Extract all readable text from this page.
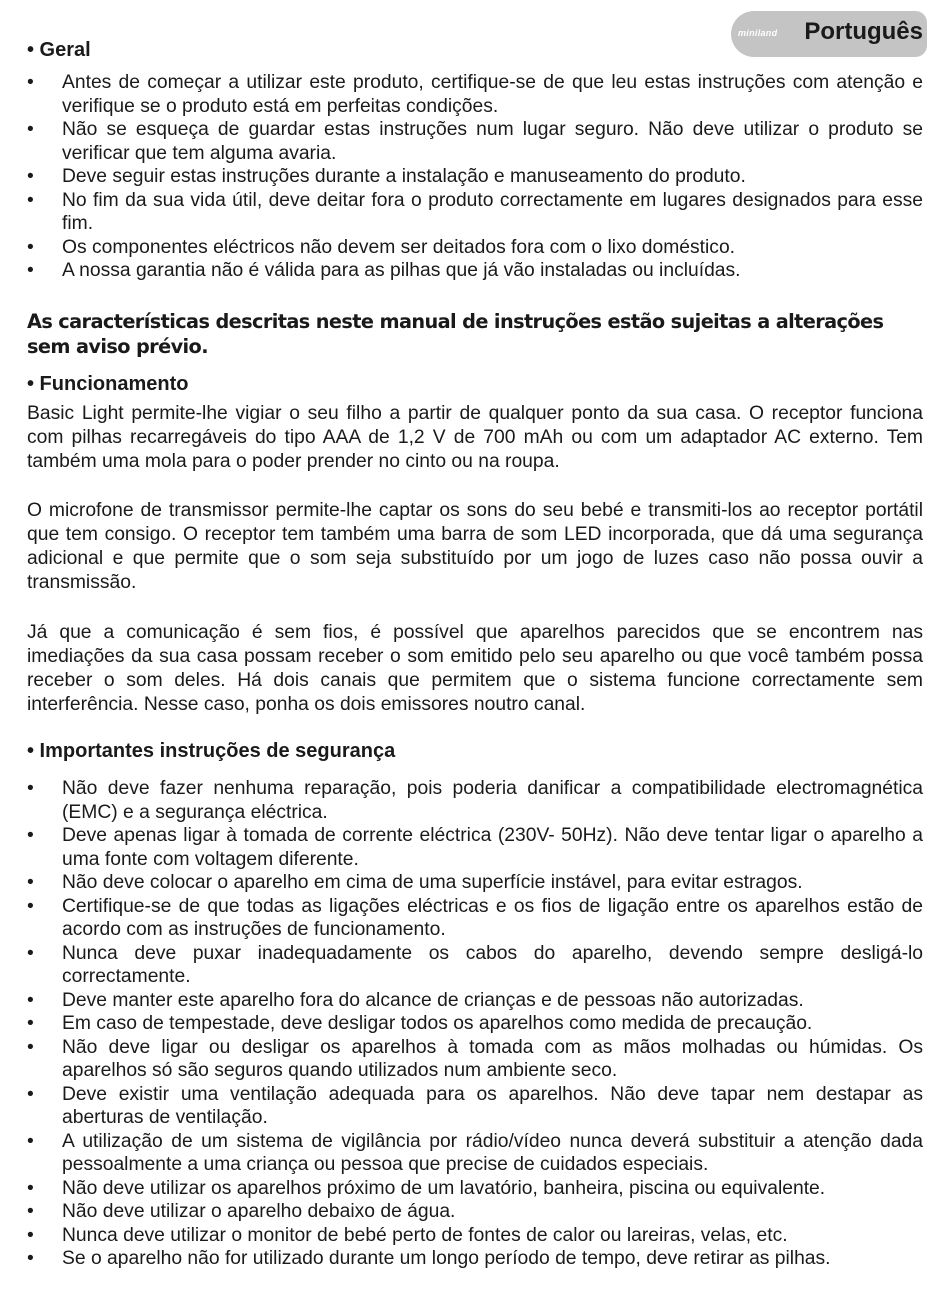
miniland Português
• Geral
• Antes de começar a utilizar este produto, certifique-se de que leu estas instruções com atenção e verifique se o produto está em perfeitas condições.
• Não se esqueça de guardar estas instruções num lugar seguro. Não deve utilizar o produto se verificar que tem alguma avaria.
• Deve seguir estas instruções durante a instalação e manuseamento do produto.
• No fim da sua vida útil, deve deitar fora o produto correctamente em lugares designados para esse fim.
• Os componentes eléctricos não devem ser deitados fora com o lixo doméstico.
• A nossa garantia não é válida para as pilhas que já vão instaladas ou incluídas.

As características descritas neste manual de instruções estão sujeitas a alterações sem aviso prévio.

• Funcionamento

Basic Light permite-lhe vigiar o seu filho a partir de qualquer ponto da sua casa. O receptor funciona com pilhas recarregáveis do tipo AAA de 1,2 V de 700 mAh ou com um adaptador AC externo. Tem também uma mola para o poder prender no cinto ou na roupa.

O microfone de transmissor permite-lhe captar os sons do seu bebé e transmiti-los ao receptor portátil que tem consigo. O receptor tem também uma barra de som LED incorporada, que dá uma segurança adicional e que permite que o som seja substituído por um jogo de luzes caso não possa ouvir a transmissão.

Já que a comunicação é sem fios, é possível que aparelhos parecidos que se encontrem nas imediações da sua casa possam receber o som emitido pelo seu aparelho ou que você também possa receber o som deles. Há dois canais que permitem que o sistema funcione correctamente sem interferência. Nesse caso, ponha os dois emissores noutro canal.

• Importantes instruções de segurança
• Não deve fazer nenhuma reparação, pois poderia danificar a compatibilidade electromagnética (EMC) e a segurança eléctrica.
• Deve apenas ligar à tomada de corrente eléctrica (230V- 50Hz). Não deve tentar ligar o aparelho a uma fonte com voltagem diferente.
• Não deve colocar o aparelho em cima de uma superfície instável, para evitar estragos.
• Certifique-se de que todas as ligações eléctricas e os fios de ligação entre os aparelhos estão de acordo com as instruções de funcionamento.
• Nunca deve puxar inadequadamente os cabos do aparelho, devendo sempre desligá-lo correctamente.
• Deve manter este aparelho fora do alcance de crianças e de pessoas não autorizadas.
• Em caso de tempestade, deve desligar todos os aparelhos como medida de precaução.
• Não deve ligar ou desligar os aparelhos à tomada com as mãos molhadas ou húmidas. Os aparelhos só são seguros quando utilizados num ambiente seco.
• Deve existir uma ventilação adequada para os aparelhos. Não deve tapar nem destapar as aberturas de ventilação.
• A utilização de um sistema de vigilância por rádio/vídeo nunca deverá substituir a atenção dada pessoalmente a uma criança ou pessoa que precise de cuidados especiais.
• Não deve utilizar os aparelhos próximo de um lavatório, banheira, piscina ou equivalente.
• Não deve utilizar o aparelho debaixo de água.
• Nunca deve utilizar o monitor de bebé perto de fontes de calor ou lareiras, velas, etc.
• Se o aparelho não for utilizado durante um longo período de tempo, deve retirar as pilhas.
